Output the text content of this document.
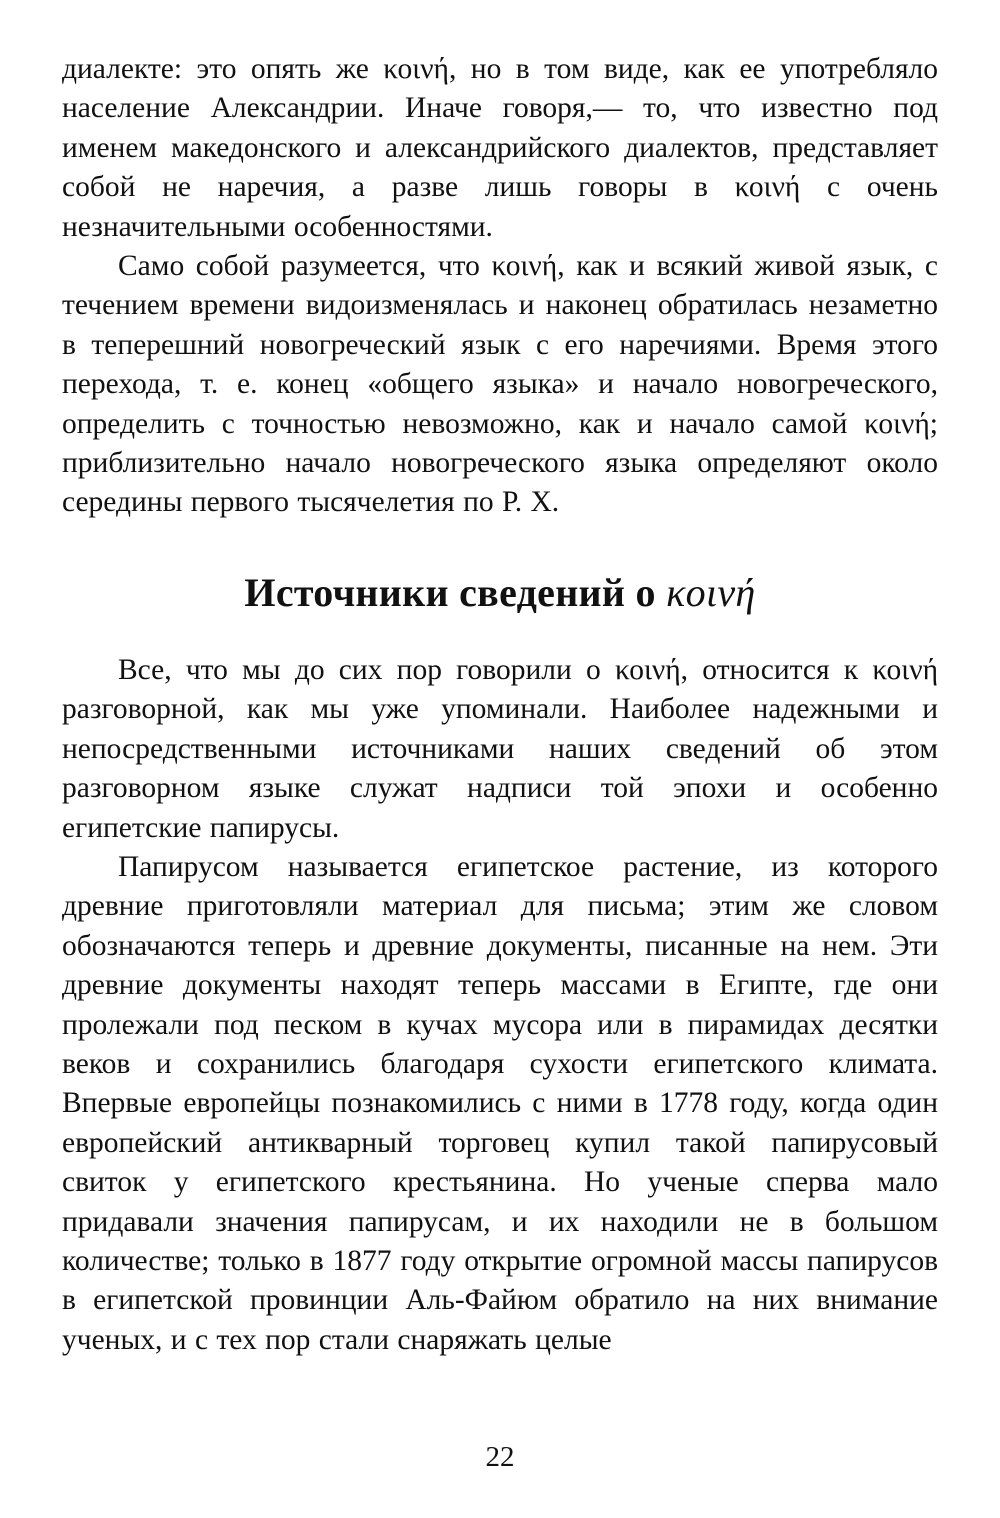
диалекте: это опять же κοινή, но в том виде, как ее употребляло население Александрии. Иначе говоря,— то, что известно под именем македонского и александрийского диалектов, представляет собой не наречия, а разве лишь говоры в κοινή с очень незначительными особенностями.

Само собой разумеется, что κοινή, как и всякий живой язык, с течением времени видоизменялась и наконец обратилась незаметно в теперешний новогреческий язык с его наречиями. Время этого перехода, т. е. конец «общего языка» и начало новогреческого, определить с точностью невозможно, как и начало самой κοινή; приблизительно начало новогреческого языка определяют около середины первого тысячелетия по Р. Х.

Источники сведений о κοινή

Все, что мы до сих пор говорили о κοινή, относится к κοινή разговорной, как мы уже упоминали. Наиболее надежными и непосредственными источниками наших сведений об этом разговорном языке служат надписи той эпохи и особенно египетские папирусы.

Папирусом называется египетское растение, из которого древние приготовляли материал для письма; этим же словом обозначаются теперь и древние документы, писанные на нем. Эти древние документы находят теперь массами в Египте, где они пролежали под песком в кучах мусора или в пирамидах десятки веков и сохранились благодаря сухости египетского климата. Впервые европейцы познакомились с ними в 1778 году, когда один европейский антикварный торговец купил такой папирусовый свиток у египетского крестьянина. Но ученые сперва мало придавали значения папирусам, и их находили не в большом количестве; только в 1877 году открытие огромной массы папирусов в египетской провинции Аль-Файюм обратило на них внимание ученых, и с тех пор стали снаряжать целые

22
